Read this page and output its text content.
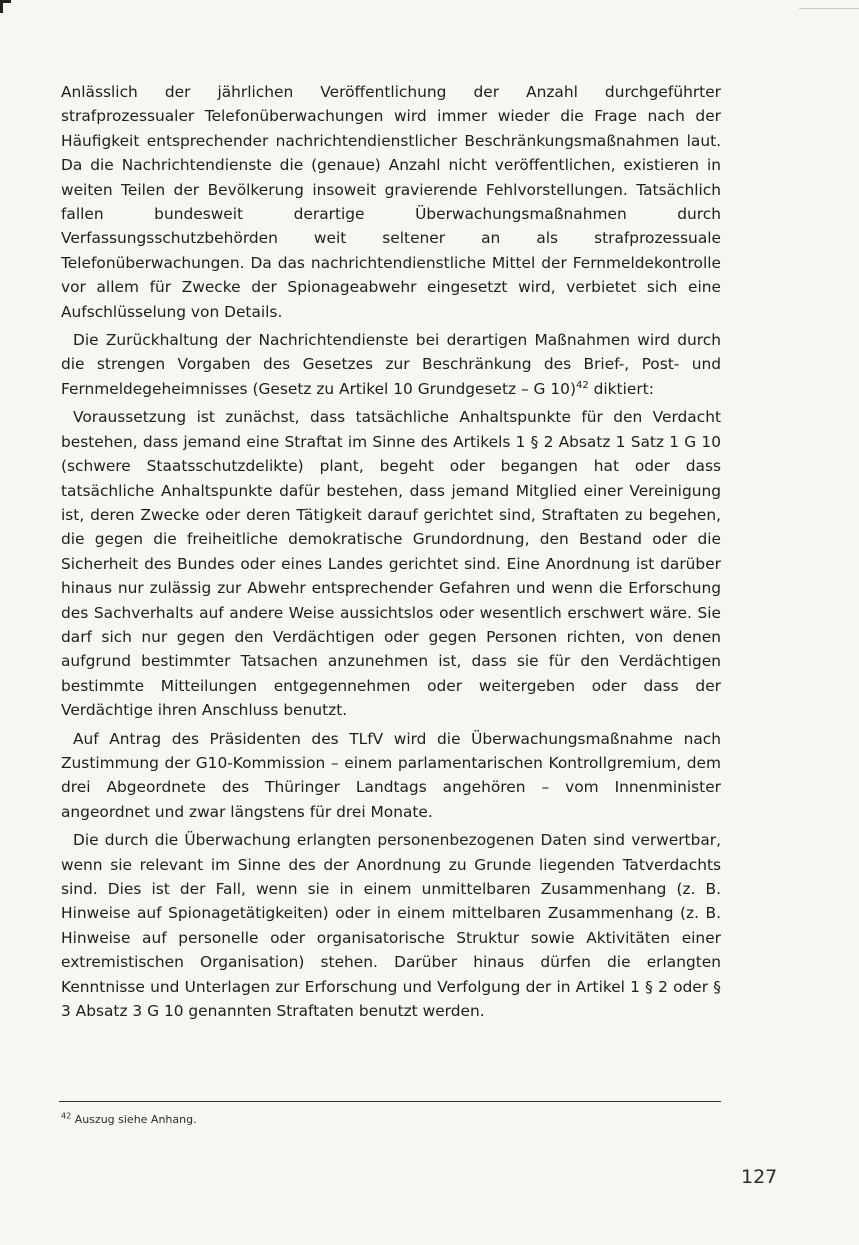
Anlässlich der jährlichen Veröffentlichung der Anzahl durchgeführter strafprozessualer Telefonüberwachungen wird immer wieder die Frage nach der Häufigkeit entsprechender nachrichtendienstlicher Beschränkungsmaßnahmen laut. Da die Nachrichtendienste die (genaue) Anzahl nicht veröffentlichen, existieren in weiten Teilen der Bevölkerung insoweit gravierende Fehlvorstellungen. Tatsächlich fallen bundesweit derartige Überwachungsmaßnahmen durch Verfassungsschutzbehörden weit seltener an als strafprozessuale Telefonüberwachungen. Da das nachrichtendienstliche Mittel der Fernmeldekontrolle vor allem für Zwecke der Spionageabwehr eingesetzt wird, verbietet sich eine Aufschlüsselung von Details.

Die Zurückhaltung der Nachrichtendienste bei derartigen Maßnahmen wird durch die strengen Vorgaben des Gesetzes zur Beschränkung des Brief-, Post- und Fernmeldegeheimnisses (Gesetz zu Artikel 10 Grundgesetz – G 10)$^{42}$ diktiert:

Voraussetzung ist zunächst, dass tatsächliche Anhaltspunkte für den Verdacht bestehen, dass jemand eine Straftat im Sinne des Artikels 1 § 2 Absatz 1 Satz 1 G 10 (schwere Staatsschutzdelikte) plant, begeht oder begangen hat oder dass tatsächliche Anhaltspunkte dafür bestehen, dass jemand Mitglied einer Vereinigung ist, deren Zwecke oder deren Tätigkeit darauf gerichtet sind, Straftaten zu begehen, die gegen die freiheitliche demokratische Grundordnung, den Bestand oder die Sicherheit des Bundes oder eines Landes gerichtet sind. Eine Anordnung ist darüber hinaus nur zulässig zur Abwehr entsprechender Gefahren und wenn die Erforschung des Sachverhalts auf andere Weise aussichtslos oder wesentlich erschwert wäre. Sie darf sich nur gegen den Verdächtigen oder gegen Personen richten, von denen aufgrund bestimmter Tatsachen anzunehmen ist, dass sie für den Verdächtigen bestimmte Mitteilungen entgegennehmen oder weitergeben oder dass der Verdächtige ihren Anschluss benutzt.

Auf Antrag des Präsidenten des TLfV wird die Überwachungsmaßnahme nach Zustimmung der G10-Kommission – einem parlamentarischen Kontrollgremium, dem drei Abgeordnete des Thüringer Landtags angehören – vom Innenminister angeordnet und zwar längstens für drei Monate.

Die durch die Überwachung erlangten personenbezogenen Daten sind verwertbar, wenn sie relevant im Sinne des der Anordnung zu Grunde liegenden Tatverdachts sind. Dies ist der Fall, wenn sie in einem unmittelbaren Zusammenhang (z. B. Hinweise auf Spionagetätigkeiten) oder in einem mittelbaren Zusammenhang (z. B. Hinweise auf personelle oder organisatorische Struktur sowie Aktivitäten einer extremistischen Organisation) stehen. Darüber hinaus dürfen die erlangten Kenntnisse und Unterlagen zur Erforschung und Verfolgung der in Artikel 1 § 2 oder § 3 Absatz 3 G 10 genannten Straftaten benutzt werden.

$^{42}$ Auszug siehe Anhang.
127
